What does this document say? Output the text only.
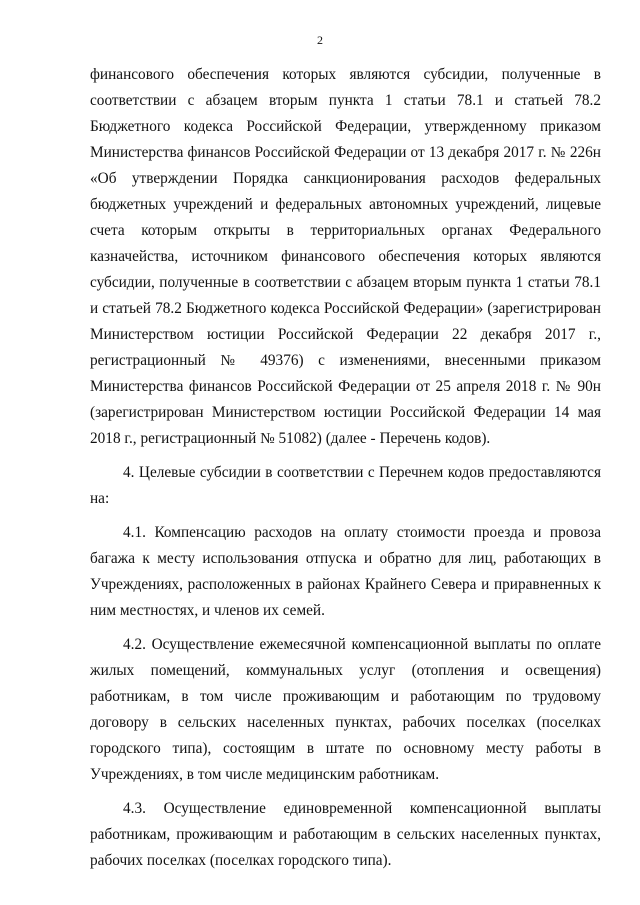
2

финансового обеспечения которых являются субсидии, полученные в соответствии с абзацем вторым пункта 1 статьи 78.1 и статьей 78.2 Бюджетного кодекса Российской Федерации, утвержденному приказом Министерства финансов Российской Федерации от 13 декабря 2017 г. № 226н «Об утверждении Порядка санкционирования расходов федеральных бюджетных учреждений и федеральных автономных учреждений, лицевые счета которым открыты в территориальных органах Федерального казначейства, источником финансового обеспечения которых являются субсидии, полученные в соответствии с абзацем вторым пункта 1 статьи 78.1 и статьей 78.2 Бюджетного кодекса Российской Федерации» (зарегистрирован Министерством юстиции Российской Федерации 22 декабря 2017 г., регистрационный № 49376) с изменениями, внесенными приказом Министерства финансов Российской Федерации от 25 апреля 2018 г. № 90н (зарегистрирован Министерством юстиции Российской Федерации 14 мая 2018 г., регистрационный № 51082) (далее - Перечень кодов).

4. Целевые субсидии в соответствии с Перечнем кодов предоставляются на:

4.1. Компенсацию расходов на оплату стоимости проезда и провоза багажа к месту использования отпуска и обратно для лиц, работающих в Учреждениях, расположенных в районах Крайнего Севера и приравненных к ним местностях, и членов их семей.

4.2. Осуществление ежемесячной компенсационной выплаты по оплате жилых помещений, коммунальных услуг (отопления и освещения) работникам, в том числе проживающим и работающим по трудовому договору в сельских населенных пунктах, рабочих поселках (поселках городского типа), состоящим в штате по основному месту работы в Учреждениях, в том числе медицинским работникам.

4.3. Осуществление единовременной компенсационной выплаты работникам, проживающим и работающим в сельских населенных пунктах, рабочих поселках (поселках городского типа).
